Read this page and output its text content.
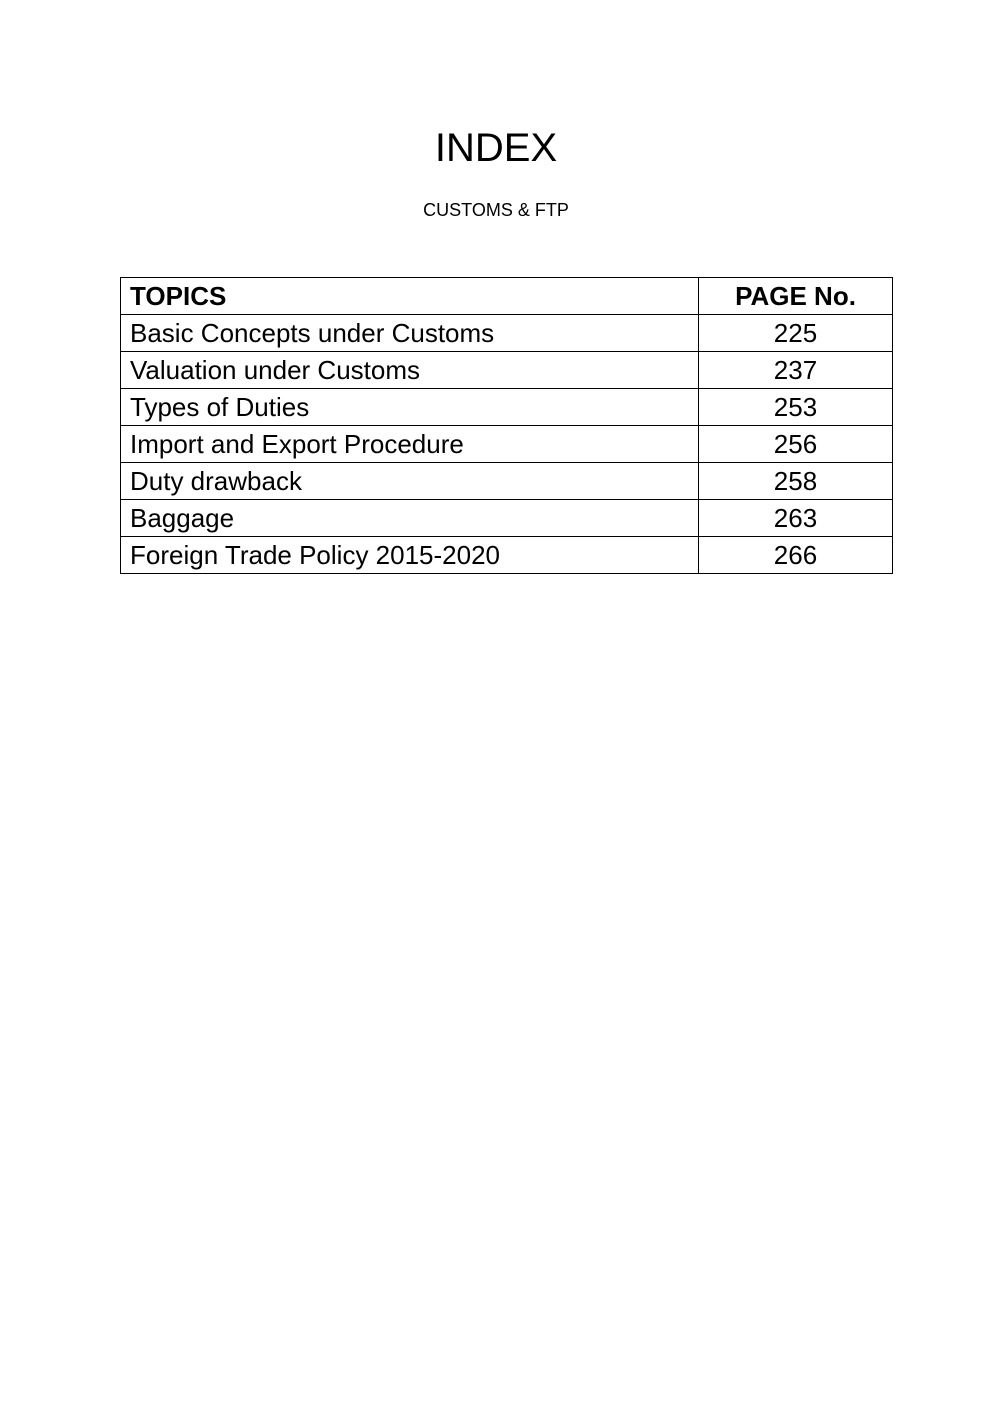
INDEX
CUSTOMS & FTP
TOPICS	PAGE No.
Basic Concepts under Customs	225
Valuation under Customs	237
Types of Duties	253
Import and Export Procedure	256
Duty drawback	258
Baggage	263
Foreign Trade Policy 2015-2020	266
